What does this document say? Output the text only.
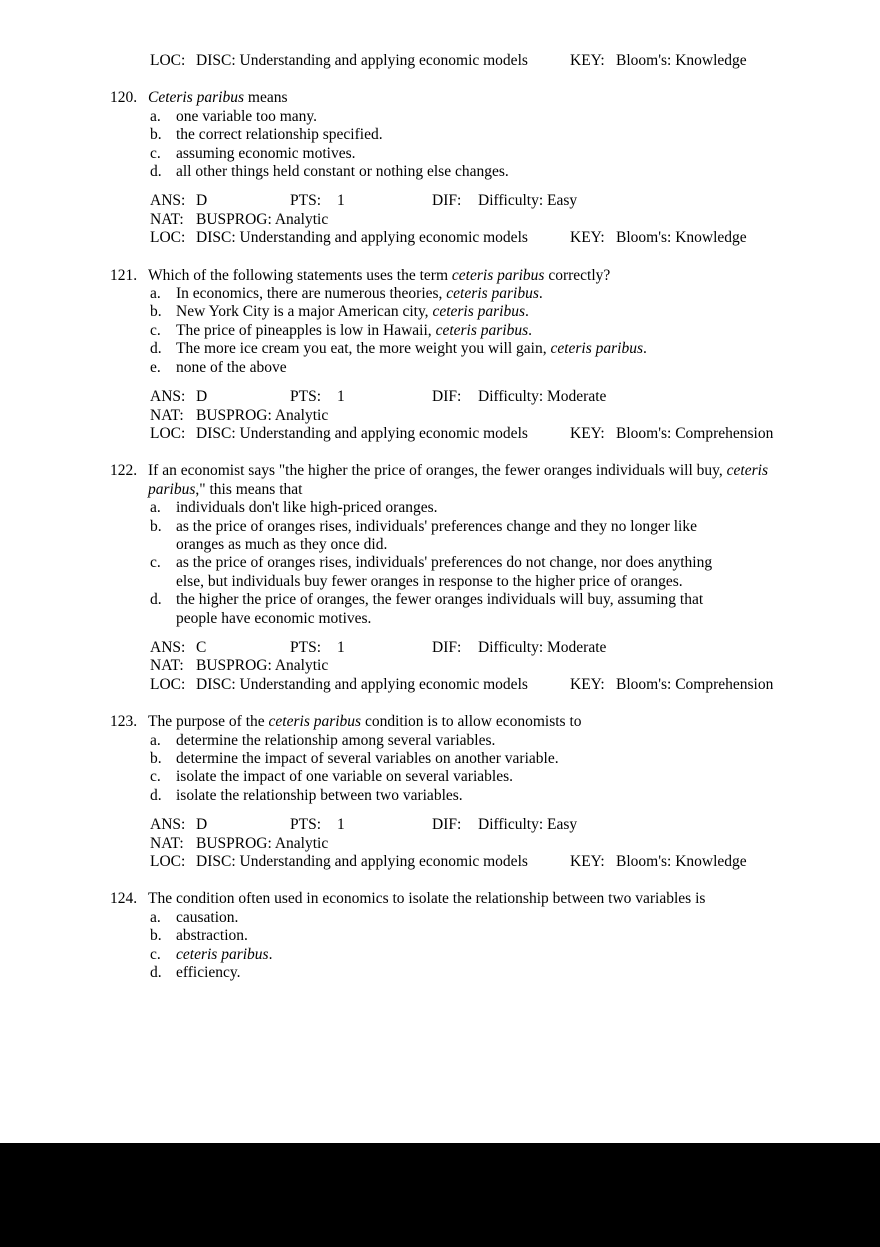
LOC: DISC: Understanding and applying economic models	KEY: Bloom's: Knowledge
120. Ceteris paribus means
a. one variable too many.
b. the correct relationship specified.
c. assuming economic motives.
d. all other things held constant or nothing else changes.
ANS: D	PTS: 1	DIF: Difficulty: Easy
NAT: BUSPROG: Analytic
LOC: DISC: Understanding and applying economic models	KEY: Bloom's: Knowledge
121. Which of the following statements uses the term ceteris paribus correctly?
a. In economics, there are numerous theories, ceteris paribus.
b. New York City is a major American city, ceteris paribus.
c. The price of pineapples is low in Hawaii, ceteris paribus.
d. The more ice cream you eat, the more weight you will gain, ceteris paribus.
e. none of the above
ANS: D	PTS: 1	DIF: Difficulty: Moderate
NAT: BUSPROG: Analytic
LOC: DISC: Understanding and applying economic models	KEY: Bloom's: Comprehension
122. If an economist says "the higher the price of oranges, the fewer oranges individuals will buy, ceteris
paribus," this means that
a. individuals don't like high-priced oranges.
b. as the price of oranges rises, individuals' preferences change and they no longer like
oranges as much as they once did.
c. as the price of oranges rises, individuals' preferences do not change, nor does anything
else, but individuals buy fewer oranges in response to the higher price of oranges.
d. the higher the price of oranges, the fewer oranges individuals will buy, assuming that
people have economic motives.
ANS: C	PTS: 1	DIF: Difficulty: Moderate
NAT: BUSPROG: Analytic
LOC: DISC: Understanding and applying economic models	KEY: Bloom's: Comprehension
123. The purpose of the ceteris paribus condition is to allow economists to
a. determine the relationship among several variables.
b. determine the impact of several variables on another variable.
c. isolate the impact of one variable on several variables.
d. isolate the relationship between two variables.
ANS: D	PTS: 1	DIF: Difficulty: Easy
NAT: BUSPROG: Analytic
LOC: DISC: Understanding and applying economic models	KEY: Bloom's: Knowledge
124. The condition often used in economics to isolate the relationship between two variables is
a. causation.
b. abstraction.
c. ceteris paribus.
d. efficiency.
